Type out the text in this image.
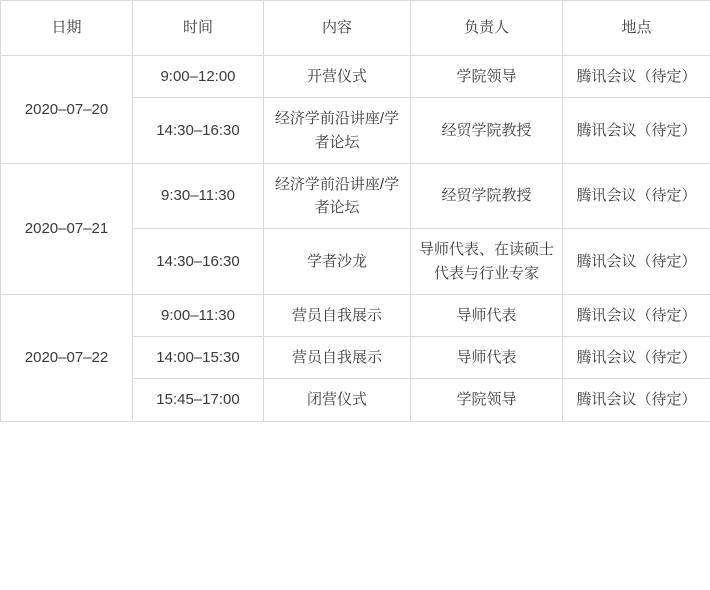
日期	时间	内容	负责人	地点
2020–07–20	9:00–12:00	开营仪式	学院领导	腾讯会议（待定）
	14:30–16:30	经济学前沿讲座/学者论坛	经贸学院教授	腾讯会议（待定）
2020–07–21	9:30–11:30	经济学前沿讲座/学者论坛	经贸学院教授	腾讯会议（待定）
	14:30–16:30	学者沙龙	导师代表、在读硕士代表与行业专家	腾讯会议（待定）
2020–07–22	9:00–11:30	营员自我展示	导师代表	腾讯会议（待定）
	14:00–15:30	营员自我展示	导师代表	腾讯会议（待定）
	15:45–17:00	闭营仪式	学院领导	腾讯会议（待定）
